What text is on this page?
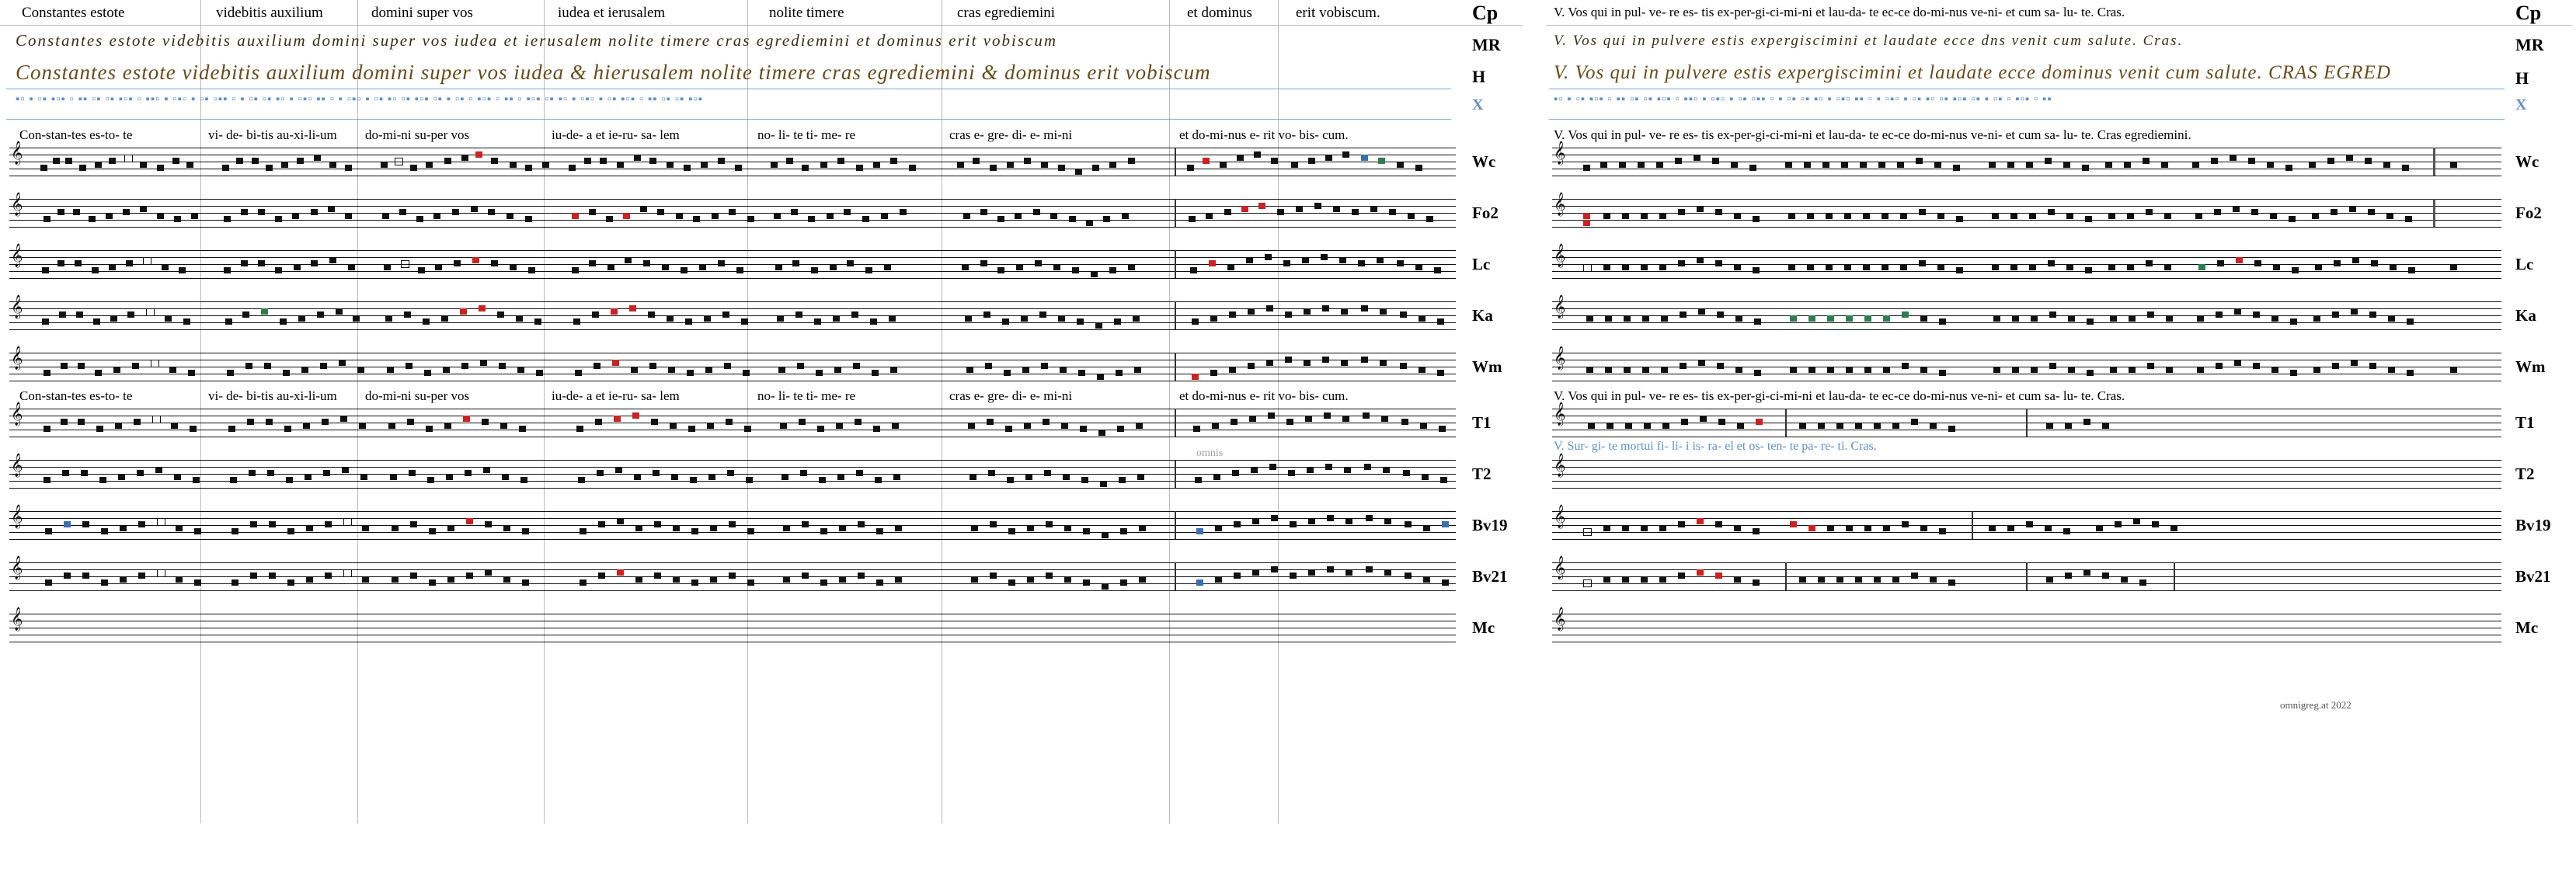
Constantes estote	videbitis auxilium	domini super vos	iudea et ierusalem	nolite timere	cras egrediemini	et dominus	erit vobiscum.	Cp
Constantes estote videbitis auxilium domini super vos iudea et ierusalem nolite timere cras egrediemini et dominus erit vobiscum	MR
Constantes estote videbitis auxilium domini super vos iudea & hierusalem nolite timere cras egrediemini & dominus erit vobiscum	H
▪▫ ▪ ▫▪ ▪▫▪ ▫ ▪▪ ▫▪ ▫▪ ▪▫▪ ▫ ▪▪▫ ▪ ▫▪▫ ▪ ▫▪ ▫▪▪ ▫ ▪ ▫▪ ▫▪ ▪▫ ▪ ▫▪▫ ▪▪ ▫ ▪ ▫▪▫ ▪ ▫▪ ▪▫ ▫▪ ▪▫▪ ▫▪ ▪ ▫▪ ▫ ▪▫▪ ▫ ▪▪ ▫ ▪▫▪ ▫▪ ▪▫ ▪ ▫▪▫ ▪ ▫▪ ▪▫▪ ▫ ▪▪ ▫▪ ▫▪ ▪▫▪	X
Con-stan-tes es-to- te	vi- de- bi-tis au-xi-li-um do-mi-ni su-per vos	iu-de- a et ie-ru- sa- lem	no- li- te ti- me- re	cras e- gre- di- e- mi-ni	et do-mi-nus e- rit vo- bis- cum.
𝄞	Wc
𝄞	Fo2
𝄞	Lc
𝄞	Ka
𝄞	Wm
Con-stan-tes es-to- te	vi- de- bi-tis au-xi-li-um do-mi-ni su-per vos	iu-de- a et ie-ru- sa- lem	no- li- te ti- me- re	cras e- gre- di- e- mi-ni	et do-mi-nus e- rit vo- bis- cum.
𝄞	T1
𝄞	T2
omnis
𝄞	Bv19
𝄞	Bv21
𝄞	Mc
V. Vos qui in pul- ve- re es- tis ex-per-gi-ci-mi-ni et lau-da- te ec-ce do-mi-nus ve-ni- et cum sa- lu- te. Cras.	Cp
V. Vos qui in pulvere estis expergiscimini et laudate ecce dns venit cum salute. Cras.	MR
V. Vos qui in pulvere estis expergiscimini et laudate ecce dominus venit cum salute. CRAS EGRED	H
▪▫ ▪ ▫▪ ▪▫▪ ▫ ▪▪ ▫▪ ▫▪ ▪▫▪ ▫ ▪▪▫ ▪ ▫▪▫ ▪ ▫▪ ▫▪▪ ▫ ▪ ▫▪ ▫▪ ▪▫ ▪ ▫▪▫ ▪▪ ▫ ▪ ▫▪▫ ▪ ▫▪ ▪▫ ▫▪ ▪▫▪ ▫▪ ▪ ▫▪ ▫ ▪▫▪ ▫ ▪▪	X
V. Vos qui in pul- ve- re es- tis ex-per-gi-ci-mi-ni et lau-da- te ec-ce do-mi-nus ve-ni- et cum sa- lu- te. Cras egrediemini.
𝄞	Wc
𝄞	Fo2
𝄞	Lc
𝄞	Ka
𝄞	Wm
V. Vos qui in pul- ve- re es- tis ex-per-gi-ci-mi-ni et lau-da- te ec-ce do-mi-nus ve-ni- et cum sa- lu- te. Cras.
𝄞	T1
V. Sur- gi- te mortui fi- li- i is- ra- el et os- ten- te pa- re- ti. Cras.
𝄞	T2
𝄞	Bv19
𝄞	Bv21
𝄞	Mc
omnigreg.at 2022
